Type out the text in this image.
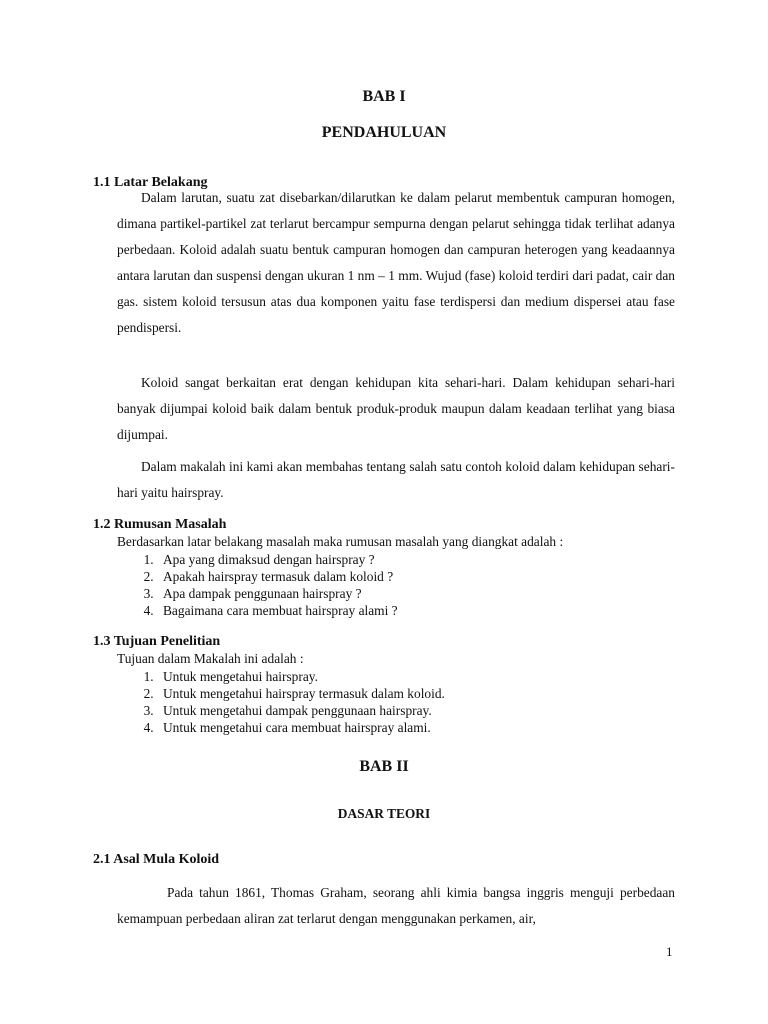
BAB I
PENDAHULUAN
1.1 Latar Belakang

Dalam larutan, suatu zat disebarkan/dilarutkan ke dalam pelarut membentuk campuran homogen, dimana partikel-partikel zat terlarut bercampur sempurna dengan pelarut sehingga tidak terlihat adanya perbedaan. Koloid adalah suatu bentuk campuran homogen dan campuran heterogen yang keadaannya antara larutan dan suspensi dengan ukuran 1 nm – 1 mm. Wujud (fase) koloid terdiri dari padat, cair dan gas. sistem koloid tersusun atas dua komponen yaitu fase terdispersi dan medium dispersei atau fase pendispersi.

Koloid sangat berkaitan erat dengan kehidupan kita sehari-hari. Dalam kehidupan sehari-hari banyak dijumpai koloid baik dalam bentuk produk-produk maupun dalam keadaan terlihat yang biasa dijumpai.

Dalam makalah ini kami akan membahas tentang salah satu contoh koloid dalam kehidupan sehari-hari yaitu hairspray.

1.2 Rumusan Masalah

Berdasarkan latar belakang masalah maka rumusan masalah yang diangkat adalah :

1. Apa yang dimaksud dengan hairspray ?
2. Apakah hairspray termasuk dalam koloid ?
3. Apa dampak penggunaan hairspray ?
4. Bagaimana cara membuat hairspray alami ?
1.3 Tujuan Penelitian

Tujuan dalam Makalah ini adalah :

1. Untuk mengetahui hairspray.
2. Untuk mengetahui hairspray termasuk dalam koloid.
3. Untuk mengetahui dampak penggunaan hairspray.
4. Untuk mengetahui cara membuat hairspray alami.
BAB II
DASAR TEORI
2.1 Asal Mula Koloid

Pada tahun 1861, Thomas Graham, seorang ahli kimia bangsa inggris menguji perbedaan kemampuan perbedaan aliran zat terlarut dengan menggunakan perkamen, air,

1
